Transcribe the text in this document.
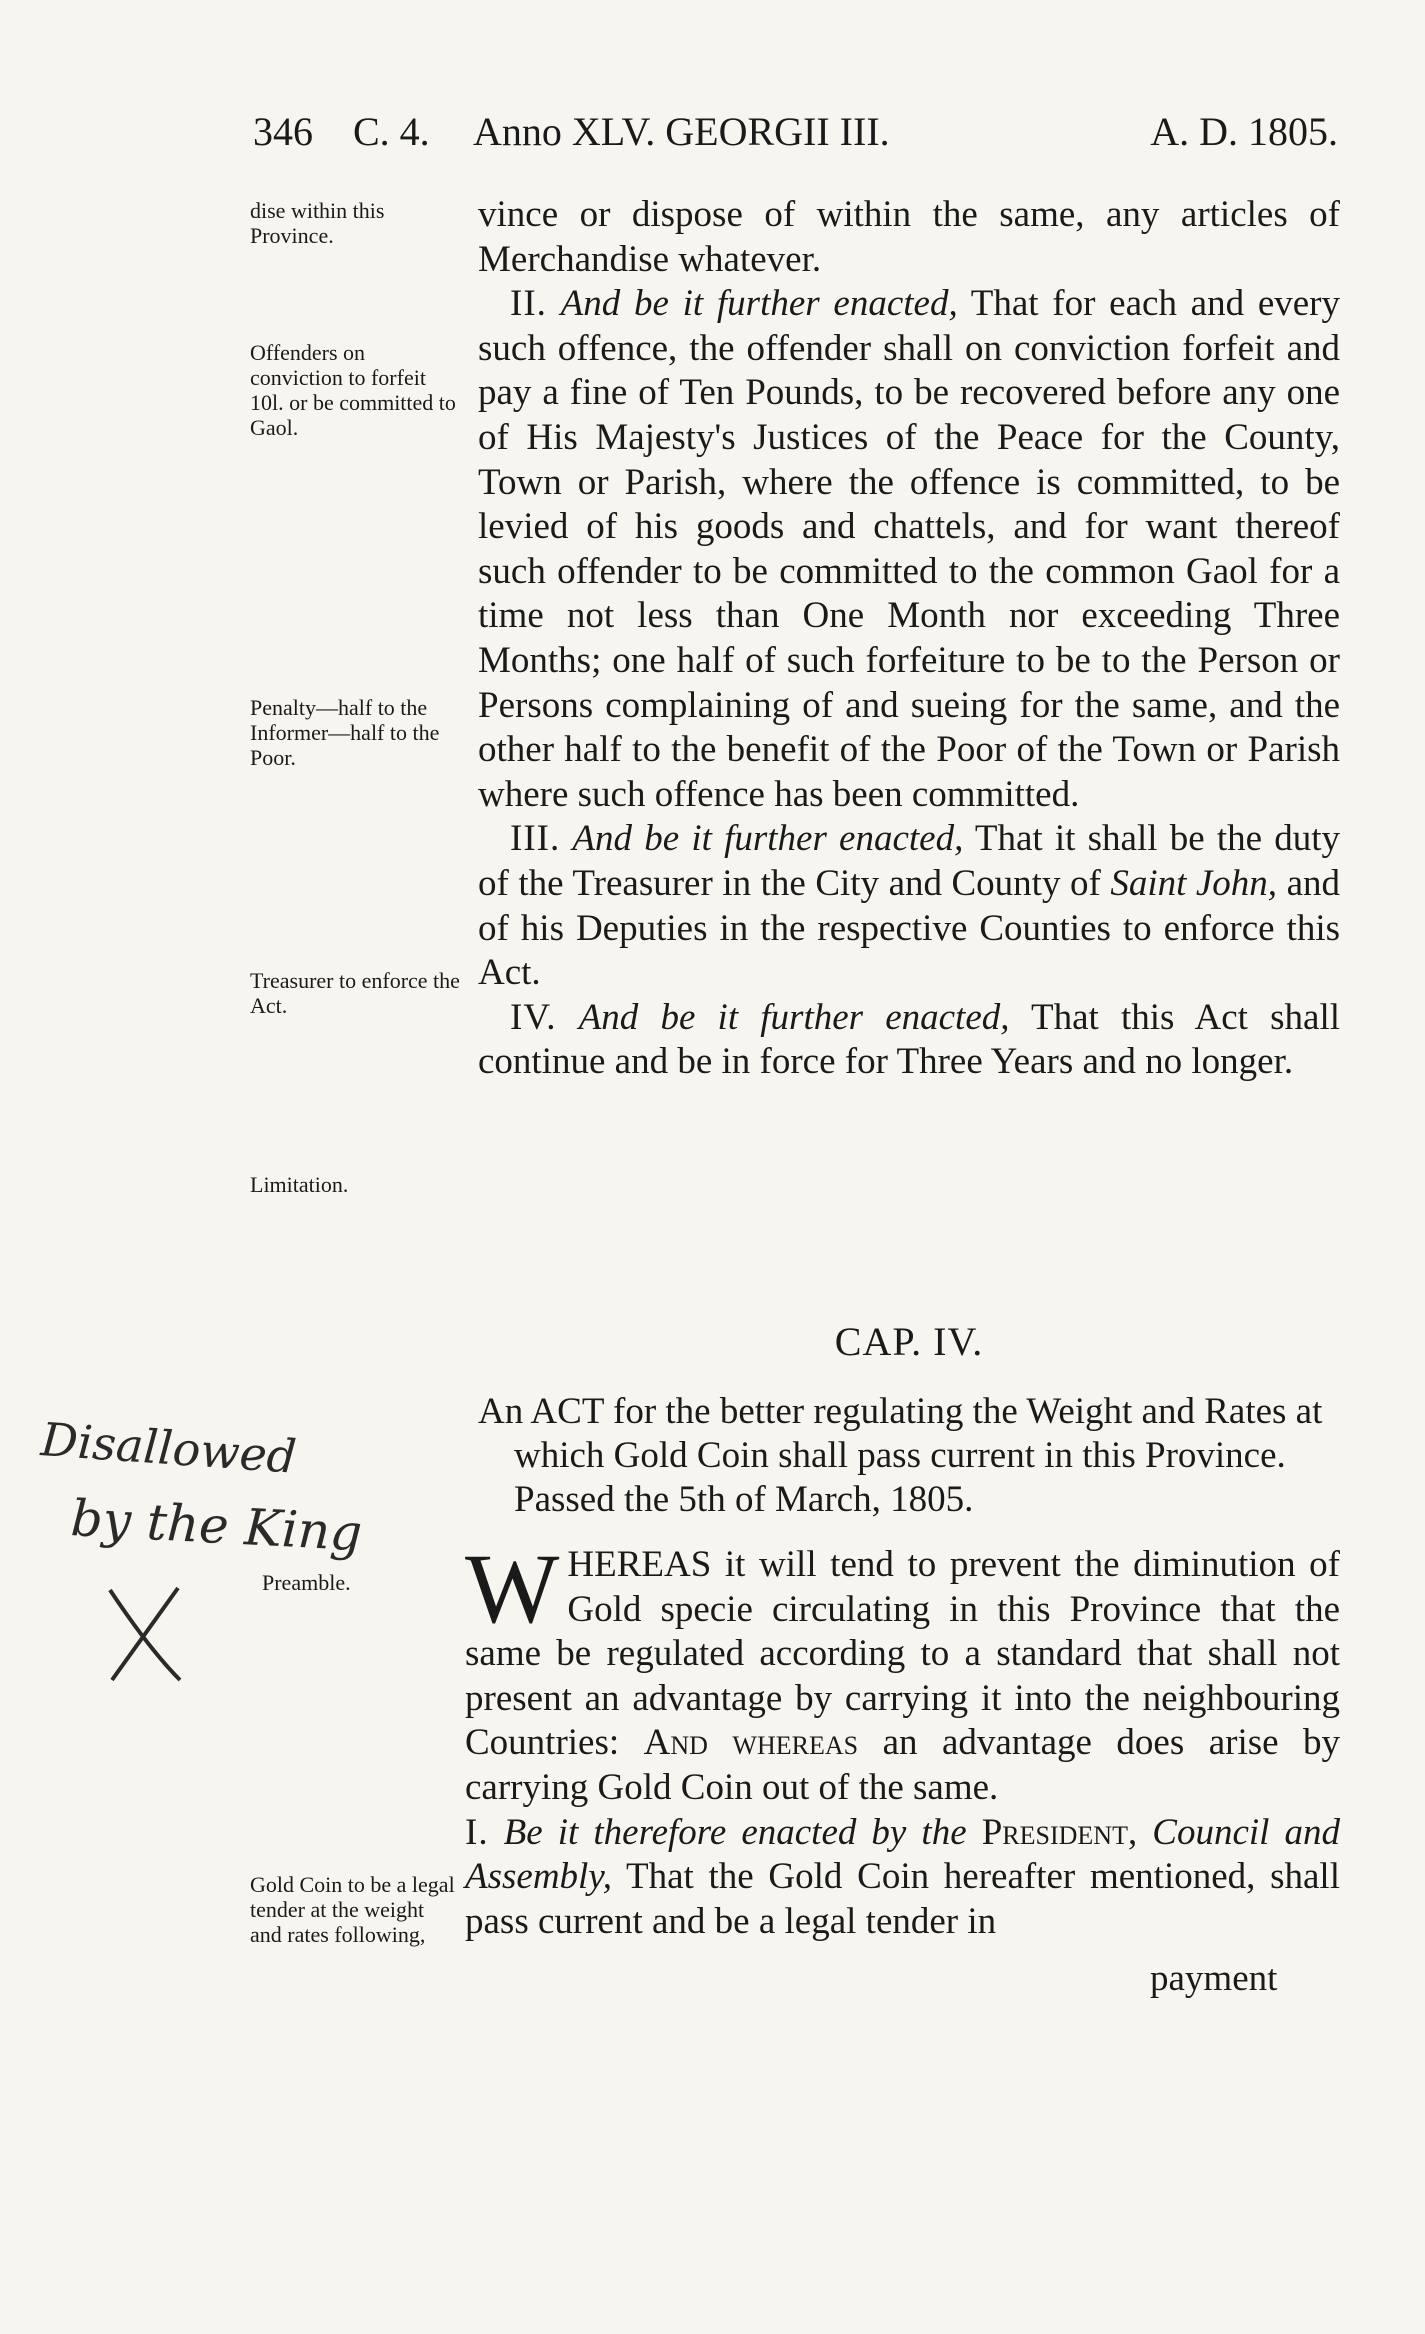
346 C. 4. Anno XLV. GEORGII III.	A. D. 1805.
dise within this Province.
Offenders on conviction to forfeit 10l. or be committed to Gaol.
Penalty—half to the Informer—half to the Poor.
Treasurer to enforce the Act.
Limitation.
Preamble.
Gold Coin to be a legal tender at the weight and rates following,

vince or dispose of within the same, any articles of Merchandise whatever.

II. And be it further enacted, That for each and every such offence, the offender shall on conviction forfeit and pay a fine of Ten Pounds, to be recovered before any one of His Majesty's Justices of the Peace for the County, Town or Parish, where the offence is committed, to be levied of his goods and chattels, and for want thereof such offender to be committed to the common Gaol for a time not less than One Month nor exceeding Three Months; one half of such forfeiture to be to the Person or Persons complaining of and sueing for the same, and the other half to the benefit of the Poor of the Town or Parish where such offence has been committed.

III. And be it further enacted, That it shall be the duty of the Treasurer in the City and County of Saint John, and of his Deputies in the respective Counties to enforce this Act.

IV. And be it further enacted, That this Act shall continue and be in force for Three Years and no longer.

CAP. IV.

An ACT for the better regulating the Weight and Rates at which Gold Coin shall pass current in this Province. Passed the 5th of March, 1805.

W HEREAS it will tend to prevent the diminution of Gold specie circulating in this Province that the same be regulated according to a standard that shall not present an advantage by carrying it into the neighbouring Countries: And whereas an advantage does arise by carrying Gold Coin out of the same.

I. Be it therefore enacted by the President, Council and Assembly, That the Gold Coin hereafter mentioned, shall pass current and be a legal tender in

payment
Disallowed
by the King
